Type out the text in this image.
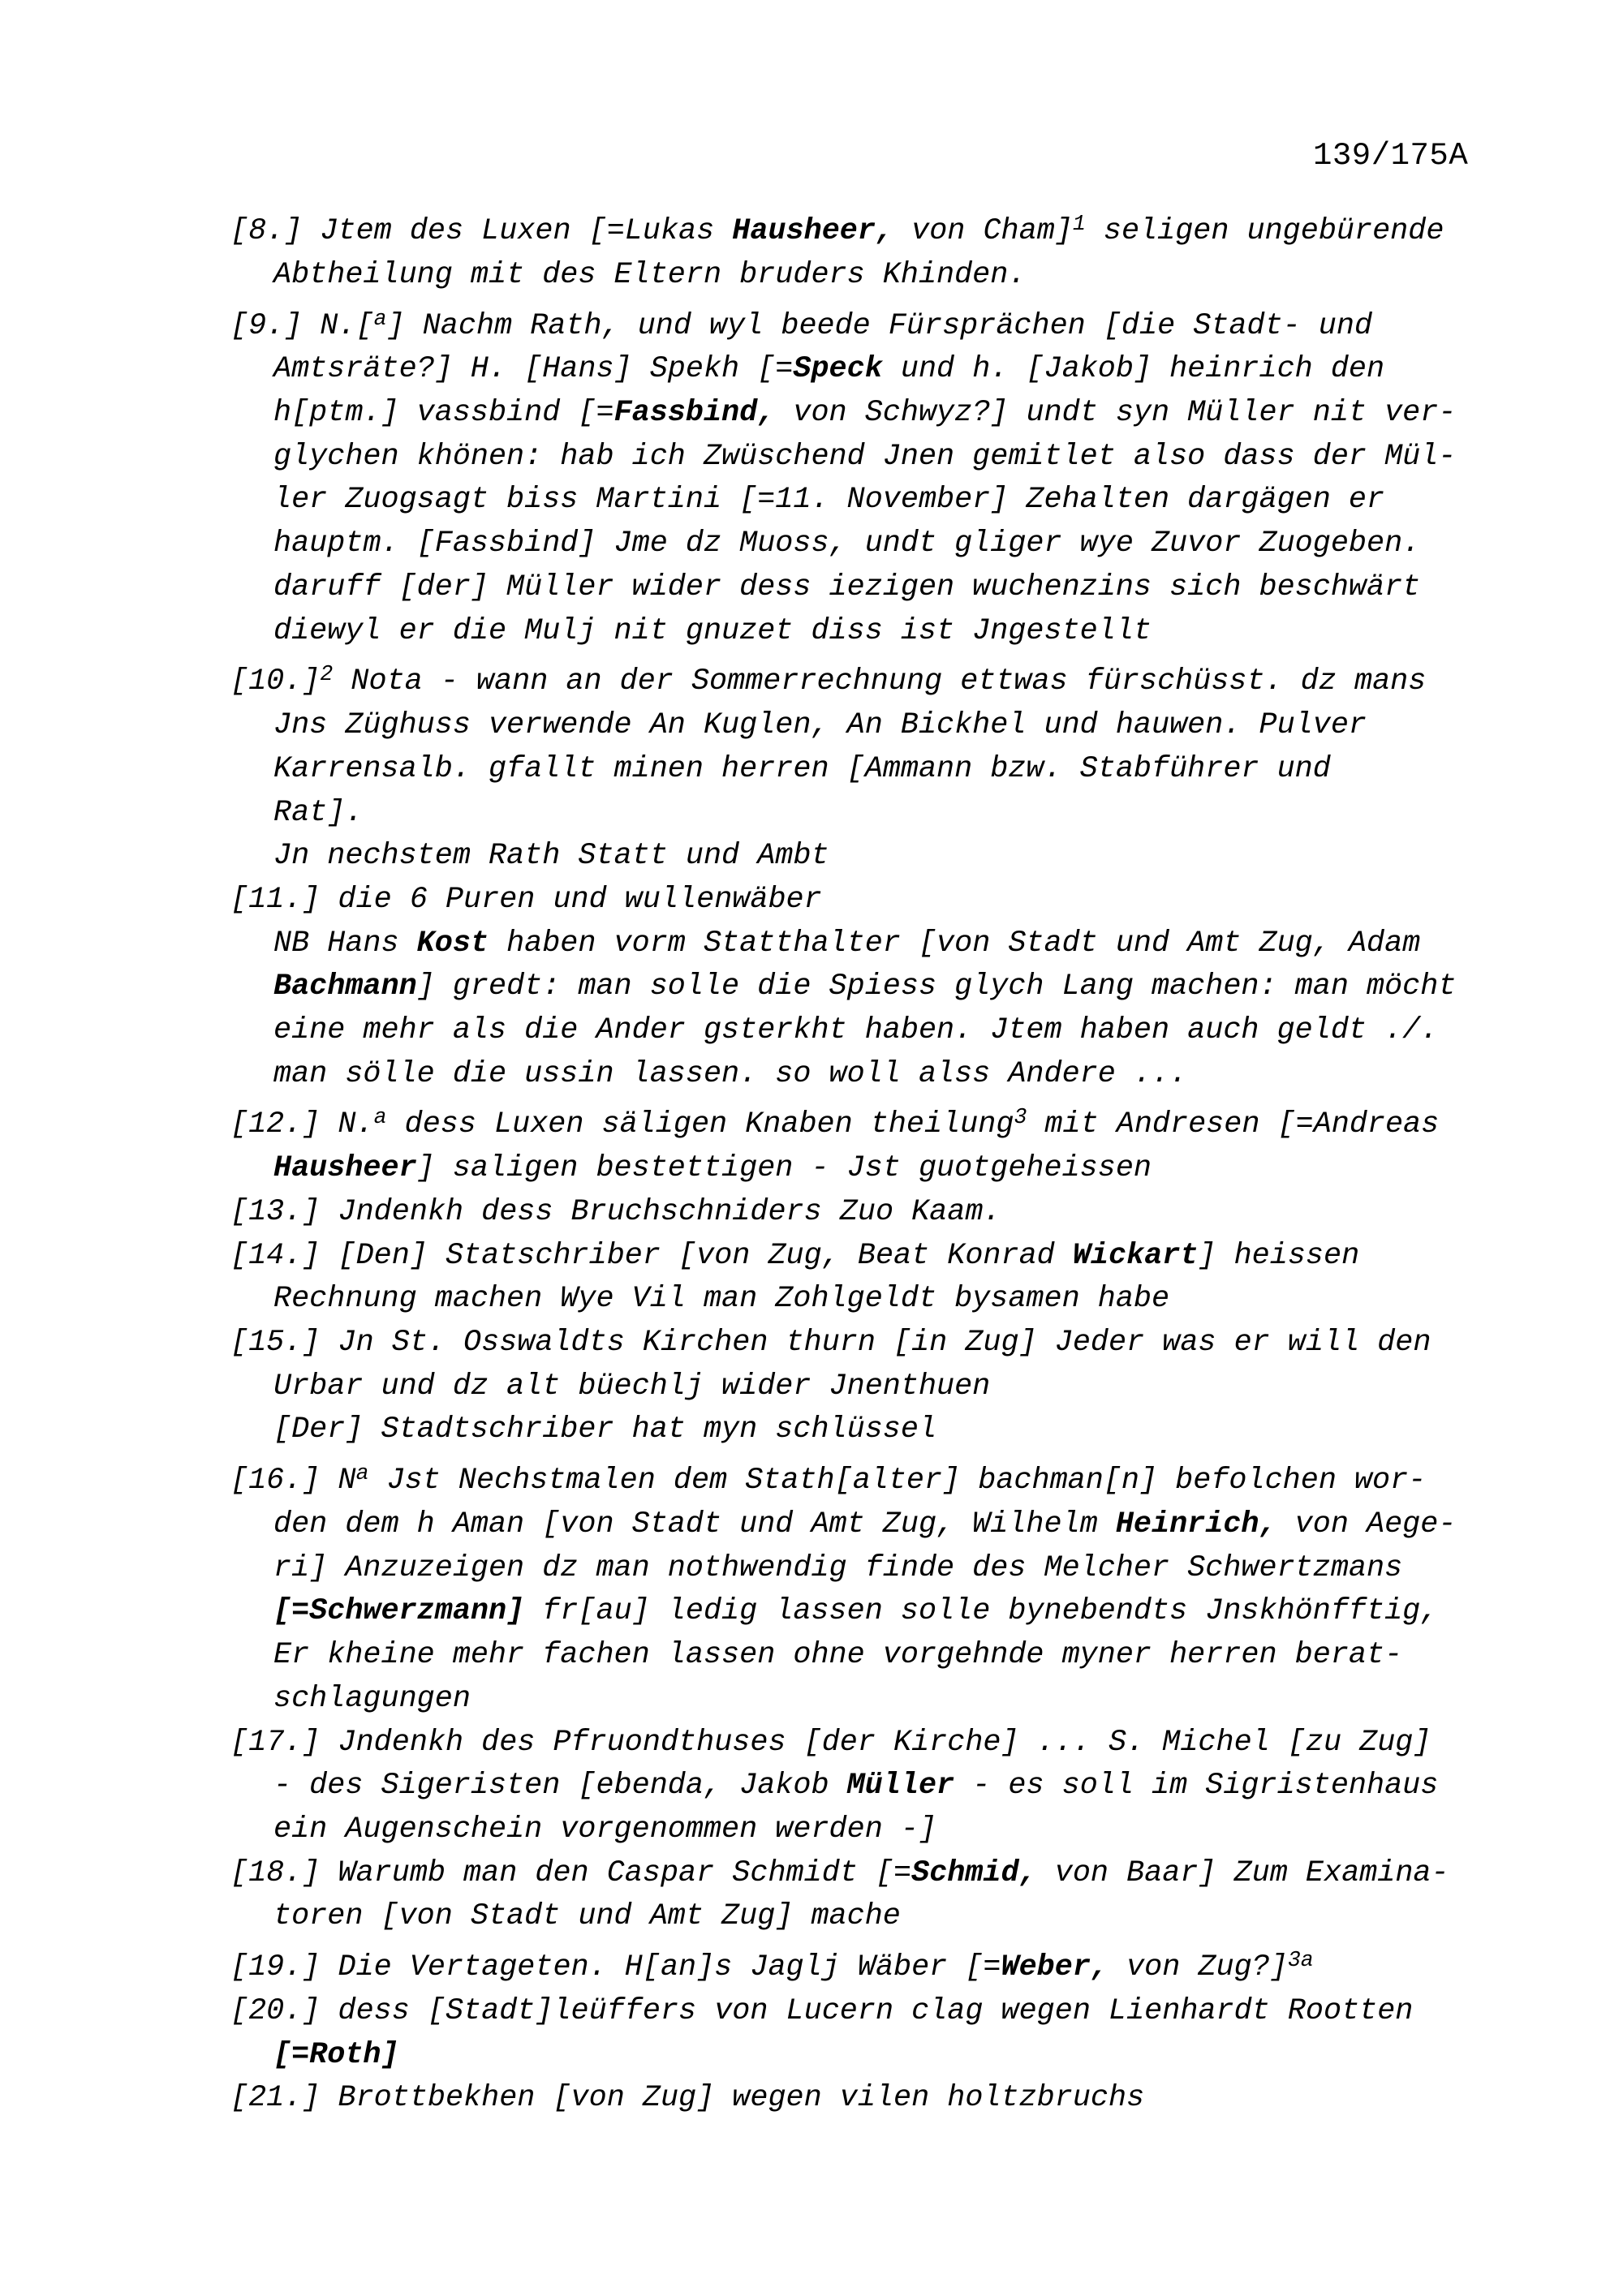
139/175A
[8.] Jtem des Luxen [=Lukas Hausheer, von Cham]$^1$ seligen ungebürende
Abtheilung mit des Eltern bruders Khinden.
[9.] N.[$^a$] Nachm Rath, und wyl beede Fürsprächen [die Stadt- und
Amtsräte?] H. [Hans] Spekh [=Speck und h. [Jakob] heinrich den
h[ptm.] vassbind [=Fassbind, von Schwyz?] undt syn Müller nit ver-
glychen khönen: hab ich Zwüschend Jnen gemitlet also dass der Mül-
ler Zuogsagt biss Martini [=11. November] Zehalten dargägen er
hauptm. [Fassbind] Jme dz Muoss, undt gliger wye Zuvor Zuogeben.
daruff [der] Müller wider dess iezigen wuchenzins sich beschwärt
diewyl er die Mulj nit gnuzet diss ist Jngestellt
$[10.]^2$ Nota - wann an der Sommerrechnung ettwas fürschüsst. dz mans
Jns Züghuss verwende An Kuglen, An Bickhel und hauwen. Pulver
Karrensalb. gfallt minen herren [Ammann bzw. Stabführer und
Rat].
Jn nechstem Rath Statt und Ambt
[11.] die 6 Puren und wullenwäber
NB Hans Kost haben vorm Statthalter [von Stadt und Amt Zug, Adam
Bachmann] gredt: man solle die Spiess glych Lang machen: man möcht
eine mehr als die Ander gsterkht haben. Jtem haben auch geldt ./.
man sölle die ussin lassen. so woll alss Andere ...
[12.] N.$^a$ dess Luxen säligen Knaben theilung$^3$ mit Andresen [=Andreas
Hausheer] saligen bestettigen - Jst guotgeheissen
[13.] Jndenkh dess Bruchschniders Zuo Kaam.
[14.] [Den] Statschriber [von Zug, Beat Konrad Wickart] heissen
Rechnung machen Wye Vil man Zohlgeldt bysamen habe
[15.] Jn St. Osswaldts Kirchen thurn [in Zug] Jeder was er will den
Urbar und dz alt büechlj wider Jnenthuen
[Der] Stadtschriber hat myn schlüssel
[16.] $N^a$ Jst Nechstmalen dem Stath[alter] bachman[n] befolchen wor-
den dem h Aman [von Stadt und Amt Zug, Wilhelm Heinrich, von Aege-
ri] Anzuzeigen dz man nothwendig finde des Melcher Schwertzmans
[=Schwerzmann] fr[au] ledig lassen solle bynebendts Jnskhönfftig,
Er kheine mehr fachen lassen ohne vorgehnde myner herren berat-
schlagungen
[17.] Jndenkh des Pfruondthuses [der Kirche] ... S. Michel [zu Zug]
- des Sigeristen [ebenda, Jakob Müller - es soll im Sigristenhaus
ein Augenschein vorgenommen werden -]
[18.] Warumb man den Caspar Schmidt [=Schmid, von Baar] Zum Examina-
toren [von Stadt und Amt Zug] mache
[19.] Die Vertageten. H[an]s Jaglj Wäber [=Weber, von Zug?]$^{3a}$
[20.] dess [Stadt]leüffers von Lucern clag wegen Lienhardt Rootten
[=Roth]
[21.] Brottbekhen [von Zug] wegen vilen holtzbruchs
